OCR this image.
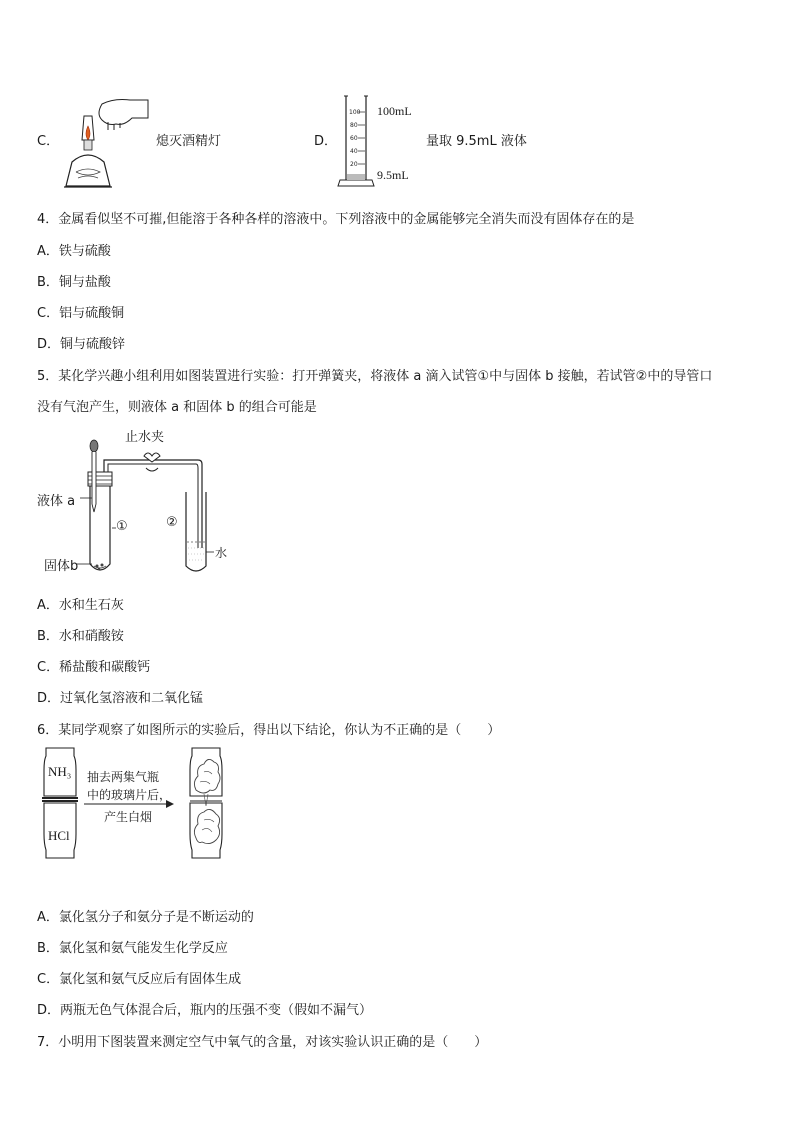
C．	熄灭酒精灯	D．
100
80
60
40
20
100mL
9.5mL
量取 9.5mL 液体
4．金属看似坚不可摧,但能溶于各种各样的溶液中。下列溶液中的金属能够完全消失而没有固体存在的是
A．铁与硫酸
B．铜与盐酸
C．铝与硫酸铜
D．铜与硫酸锌
5．某化学兴趣小组利用如图装置进行实验：打开弹簧夹，将液体 a 滴入试管①中与固体 b 接触，若试管②中的导管口
没有气泡产生，则液体 a 和固体 b 的组合可能是
止水夹
液体 a
固体b
①	②
水
A．水和生石灰
B．水和硝酸铵
C．稀盐酸和碳酸钙
D．过氧化氢溶液和二氧化锰
6．某同学观察了如图所示的实验后，得出以下结论，你认为不正确的是（　　）
NH₃
HCl
抽去两集气瓶
中的玻璃片后，
产生白烟
A．氯化氢分子和氨分子是不断运动的
B．氯化氢和氨气能发生化学反应
C．氯化氢和氨气反应后有固体生成
D．两瓶无色气体混合后，瓶内的压强不变（假如不漏气）
7．小明用下图装置来测定空气中氧气的含量，对该实验认识正确的是（　　）
